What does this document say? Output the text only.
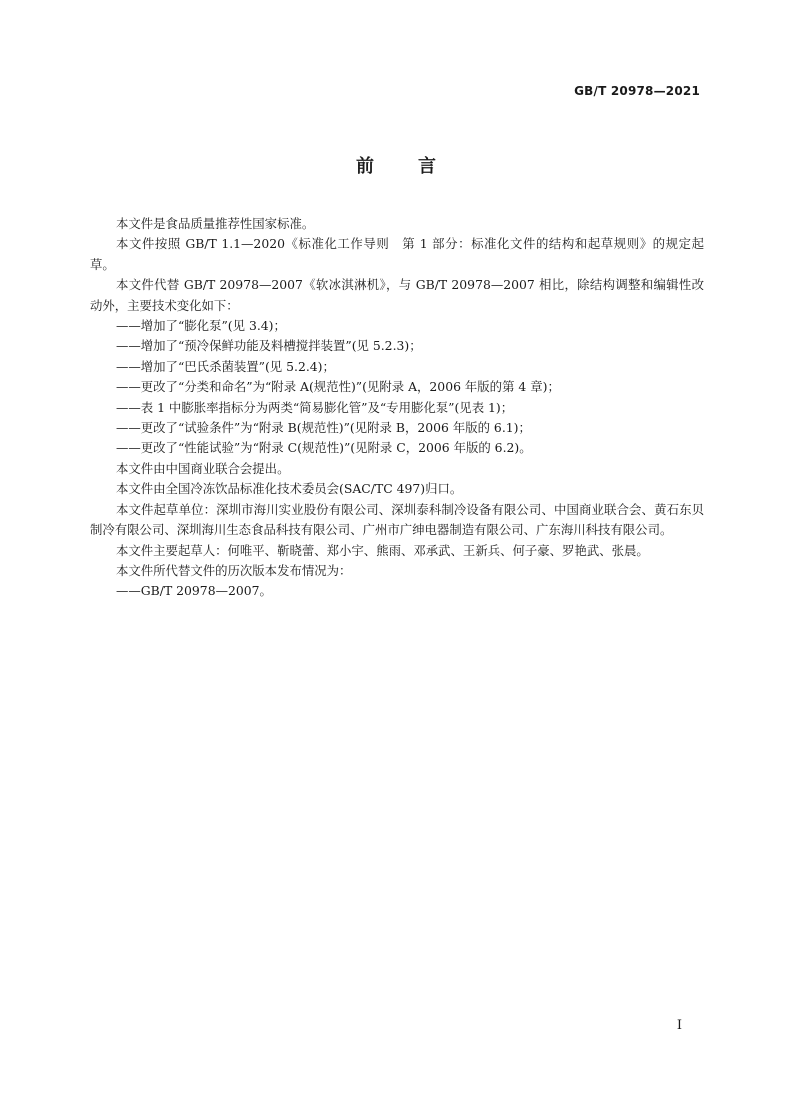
GB/T 20978—2021
前言

本文件是食品质量推荐性国家标准。

本文件按照 GB/T 1.1—2020《标准化工作导则　第 1 部分：标准化文件的结构和起草规则》的规定起草。

本文件代替 GB/T 20978—2007《软冰淇淋机》，与 GB/T 20978—2007 相比，除结构调整和编辑性改动外，主要技术变化如下：

——增加了“膨化泵”(见 3.4)；

——增加了“预冷保鲜功能及料槽搅拌装置”(见 5.2.3)；

——增加了“巴氏杀菌装置”(见 5.2.4)；

——更改了“分类和命名”为“附录 A(规范性)”(见附录 A，2006 年版的第 4 章)；

——表 1 中膨胀率指标分为两类“简易膨化管”及“专用膨化泵”(见表 1)；

——更改了“试验条件”为“附录 B(规范性)”(见附录 B，2006 年版的 6.1)；

——更改了“性能试验”为“附录 C(规范性)”(见附录 C，2006 年版的 6.2)。

本文件由中国商业联合会提出。

本文件由全国冷冻饮品标准化技术委员会(SAC/TC 497)归口。

本文件起草单位：深圳市海川实业股份有限公司、深圳泰科制冷设备有限公司、中国商业联合会、黄石东贝制冷有限公司、深圳海川生态食品科技有限公司、广州市广绅电器制造有限公司、广东海川科技有限公司。

本文件主要起草人：何唯平、靳晓蕾、郑小宇、熊雨、邓承武、王新兵、何子豪、罗艳武、张晨。

本文件所代替文件的历次版本发布情况为：

——GB/T 20978—2007。

I
